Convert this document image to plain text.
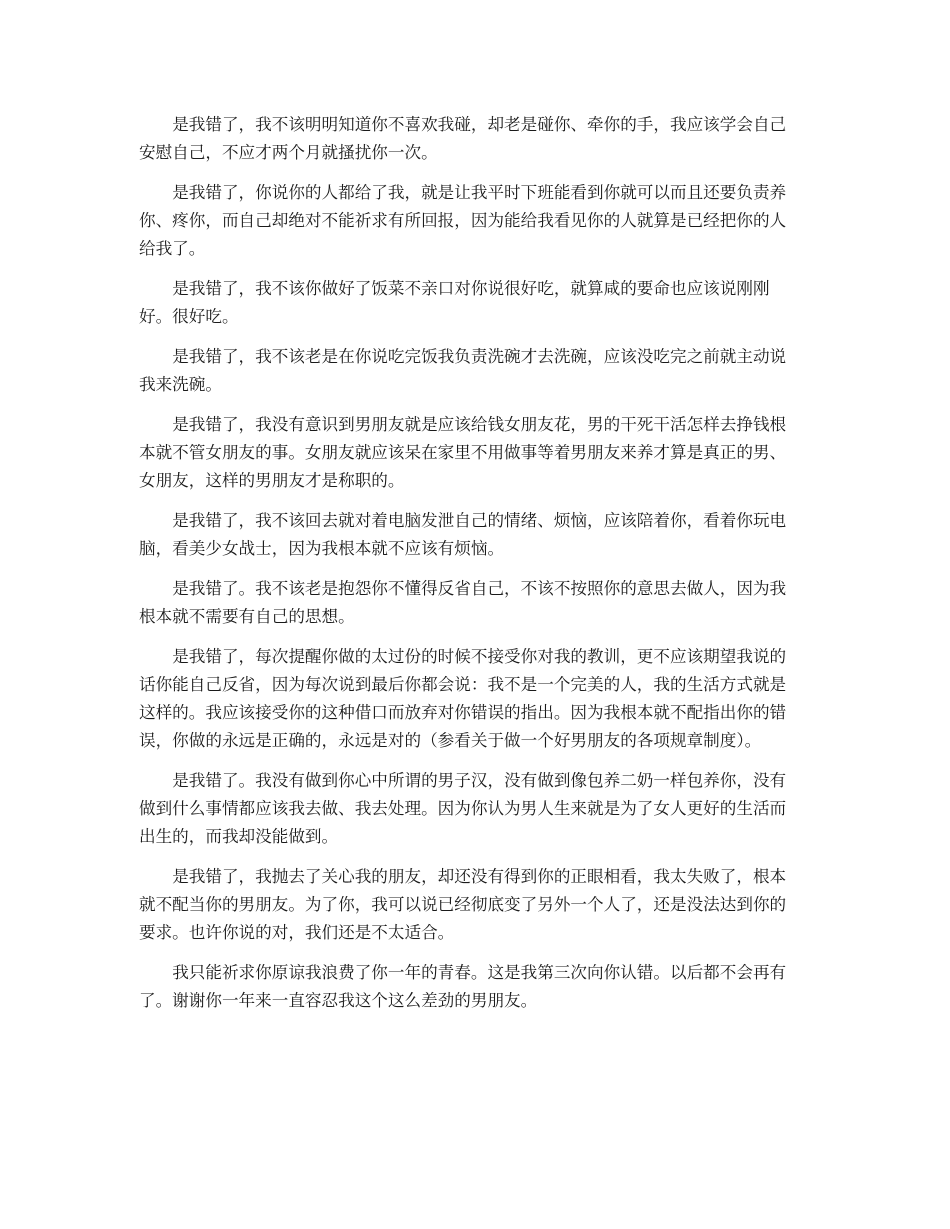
是我错了，我不该明明知道你不喜欢我碰，却老是碰你、牵你的手，我应该学会自己
安慰自己，不应才两个月就搔扰你一次。

是我错了，你说你的人都给了我，就是让我平时下班能看到你就可以而且还要负责养
你、疼你，而自己却绝对不能祈求有所回报，因为能给我看见你的人就算是已经把你的人
给我了。

是我错了，我不该你做好了饭菜不亲口对你说很好吃，就算咸的要命也应该说刚刚
好。很好吃。

是我错了，我不该老是在你说吃完饭我负责洗碗才去洗碗，应该没吃完之前就主动说
我来洗碗。

是我错了，我没有意识到男朋友就是应该给钱女朋友花，男的干死干活怎样去挣钱根
本就不管女朋友的事。女朋友就应该呆在家里不用做事等着男朋友来养才算是真正的男、
女朋友，这样的男朋友才是称职的。

是我错了，我不该回去就对着电脑发泄自己的情绪、烦恼，应该陪着你，看着你玩电
脑，看美少女战士，因为我根本就不应该有烦恼。

是我错了。我不该老是抱怨你不懂得反省自己，不该不按照你的意思去做人，因为我
根本就不需要有自己的思想。

是我错了，每次提醒你做的太过份的时候不接受你对我的教训，更不应该期望我说的
话你能自己反省，因为每次说到最后你都会说：我不是一个完美的人，我的生活方式就是
这样的。我应该接受你的这种借口而放弃对你错误的指出。因为我根本就不配指出你的错
误，你做的永远是正确的，永远是对的（参看关于做一个好男朋友的各项规章制度）。

是我错了。我没有做到你心中所谓的男子汉，没有做到像包养二奶一样包养你，没有
做到什么事情都应该我去做、我去处理。因为你认为男人生来就是为了女人更好的生活而
出生的，而我却没能做到。

是我错了，我抛去了关心我的朋友，却还没有得到你的正眼相看，我太失败了，根本
就不配当你的男朋友。为了你，我可以说已经彻底变了另外一个人了，还是没法达到你的
要求。也许你说的对，我们还是不太适合。

我只能祈求你原谅我浪费了你一年的青春。这是我第三次向你认错。以后都不会再有
了。谢谢你一年来一直容忍我这个这么差劲的男朋友。
